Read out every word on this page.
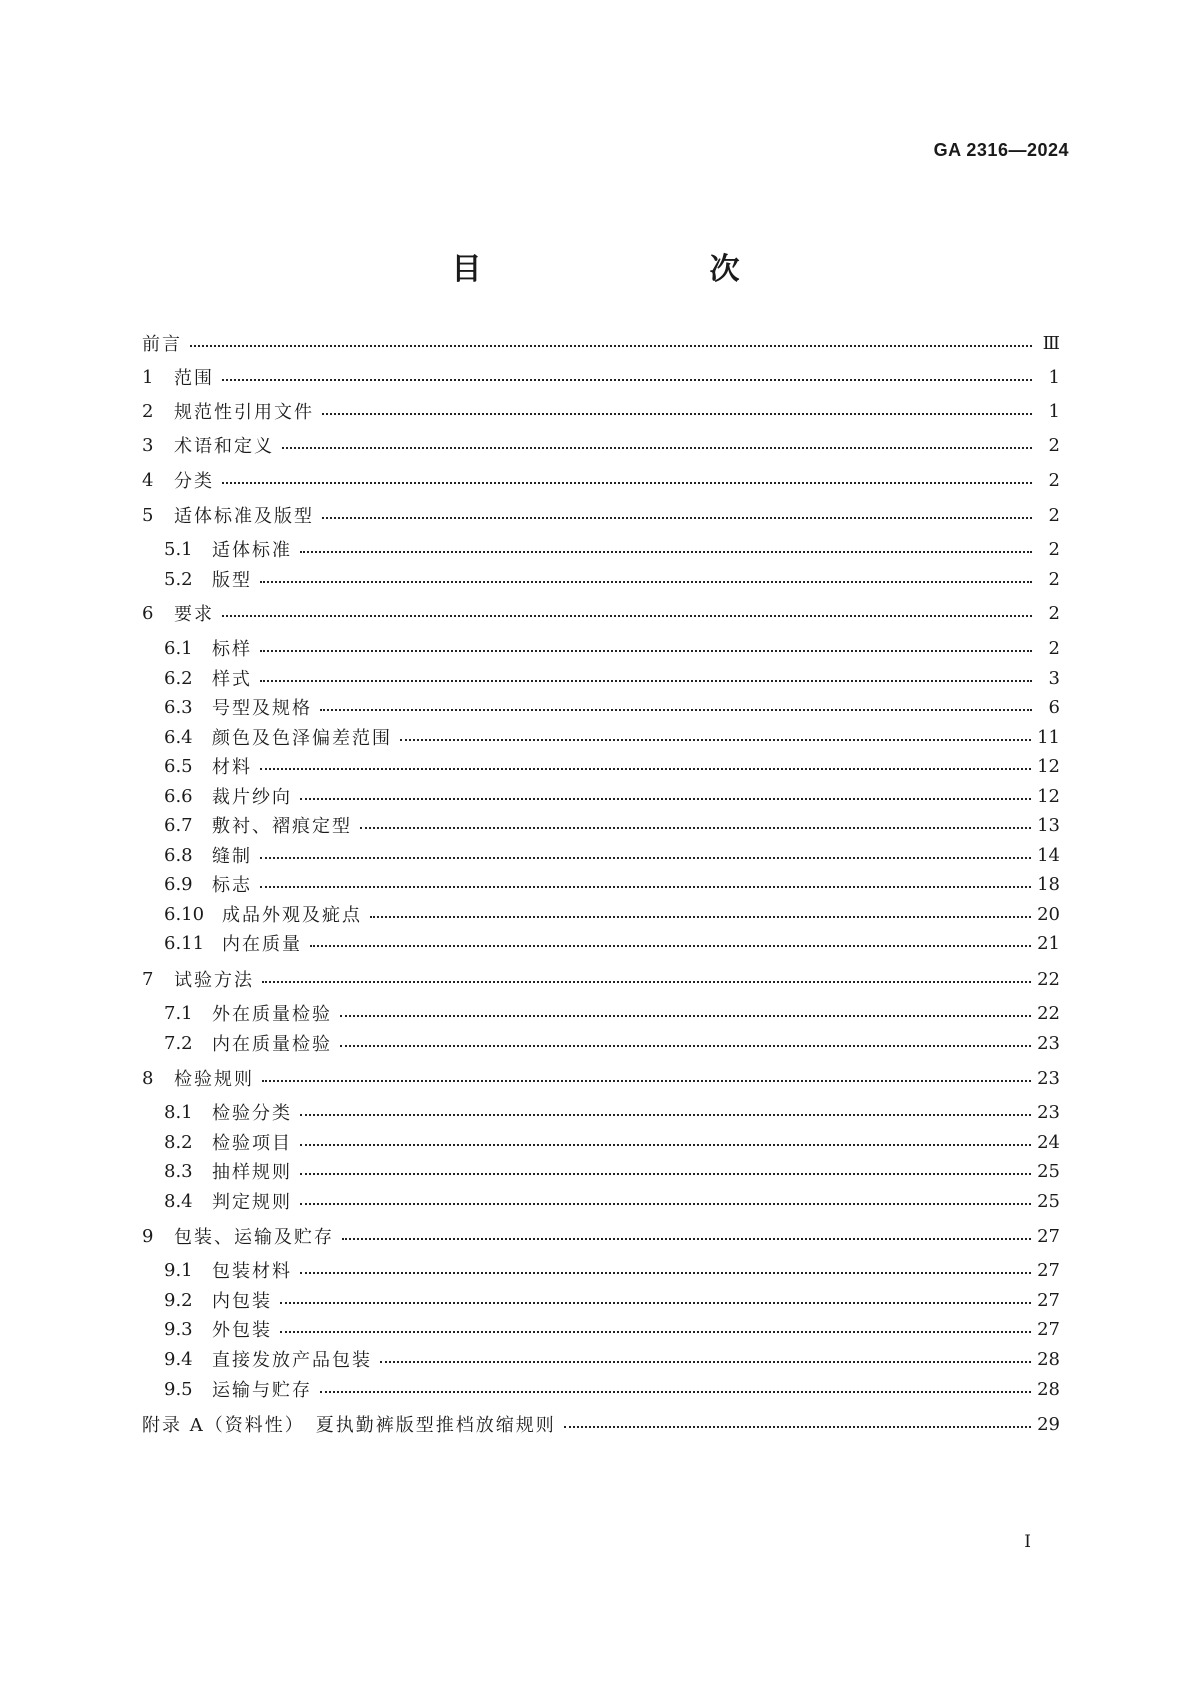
GA 2316—2024
目　　次
前言	Ⅲ
1	范围	1
2	规范性引用文件	1
3	术语和定义	2
4	分类	2
5	适体标准及版型	2
5.1	适体标准	2
5.2	版型	2
6	要求	2
6.1	标样	2
6.2	样式	3
6.3	号型及规格	6
6.4	颜色及色泽偏差范围	11
6.5	材料	12
6.6	裁片纱向	12
6.7	敷衬、褶痕定型	13
6.8	缝制	14
6.9	标志	18
6.10 成品外观及疵点	20
6.11 内在质量	21
7	试验方法	22
7.1	外在质量检验	22
7.2	内在质量检验	23
8	检验规则	23
8.1	检验分类	23
8.2	检验项目	24
8.3	抽样规则	25
8.4	判定规则	25
9	包装、运输及贮存	27
9.1	包装材料	27
9.2	内包装	27
9.3	外包装	27
9.4	直接发放产品包装	28
9.5	运输与贮存	28
附录 A（资料性）　夏执勤裤版型推档放缩规则	29
I
